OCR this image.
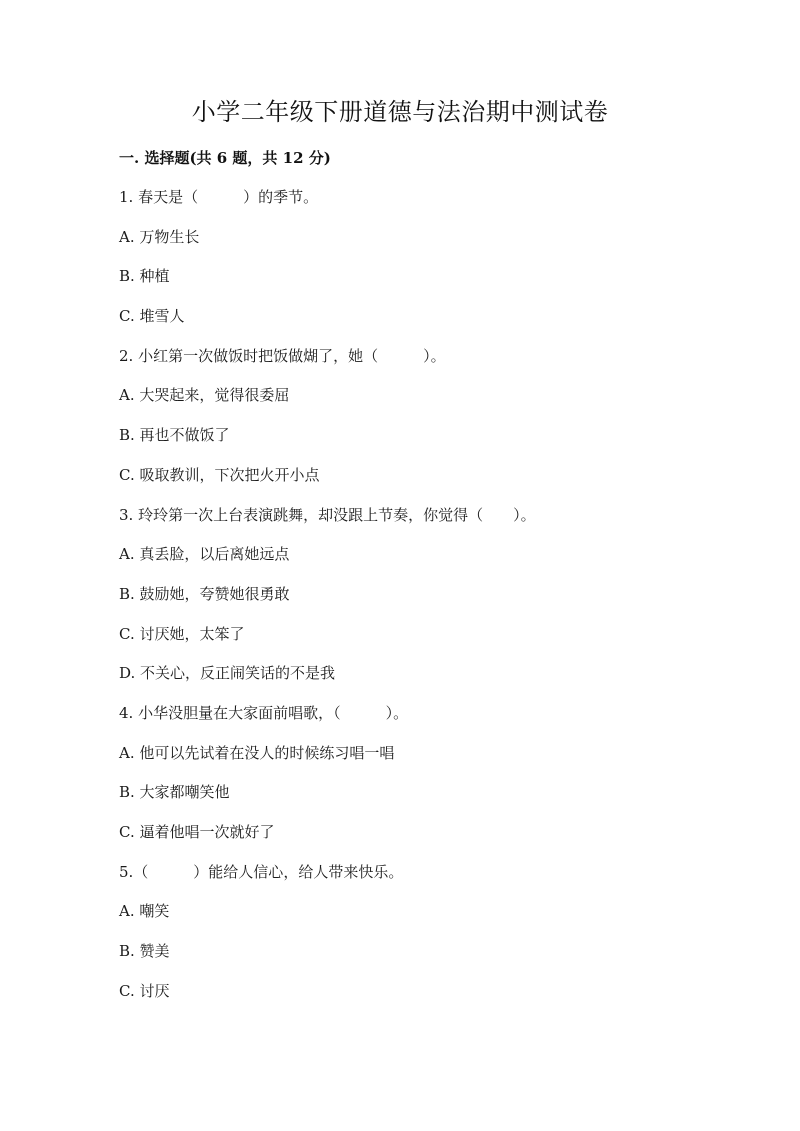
小学二年级下册道德与法治期中测试卷
一. 选择题(共 6 题，共 12 分)
1. 春天是（　　　）的季节。
A. 万物生长
B. 种植
C. 堆雪人
2. 小红第一次做饭时把饭做煳了，她（　　　）。
A. 大哭起来，觉得很委屈
B. 再也不做饭了
C. 吸取教训，下次把火开小点
3. 玲玲第一次上台表演跳舞，却没跟上节奏，你觉得（　　）。
A. 真丢脸，以后离她远点
B. 鼓励她，夸赞她很勇敢
C. 讨厌她，太笨了
D. 不关心，反正闹笑话的不是我
4. 小华没胆量在大家面前唱歌，（　　　）。
A. 他可以先试着在没人的时候练习唱一唱
B. 大家都嘲笑他
C. 逼着他唱一次就好了
5.（　　　）能给人信心，给人带来快乐。
A. 嘲笑
B. 赞美
C. 讨厌
